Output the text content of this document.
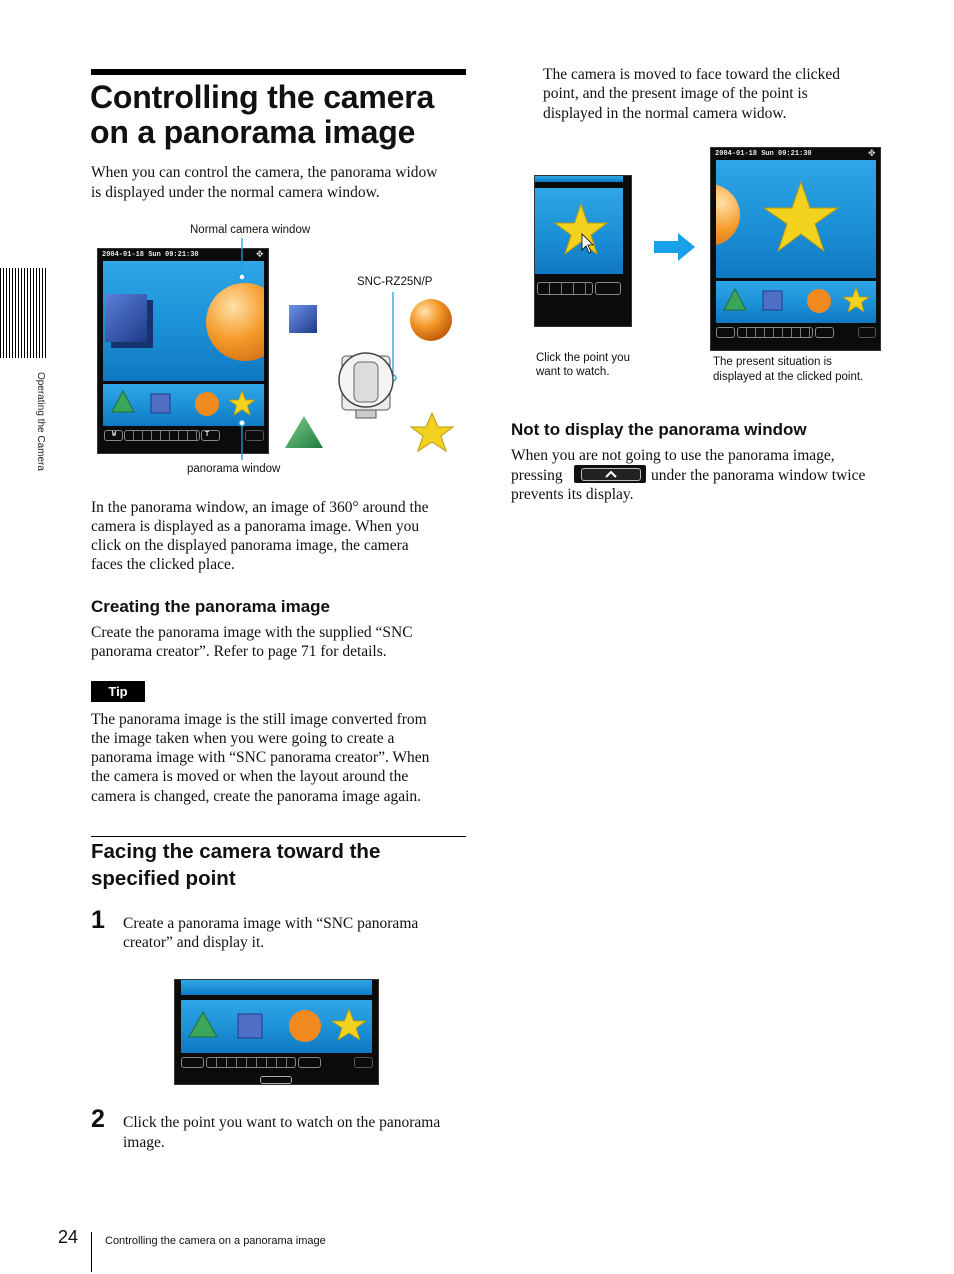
Operating the Camera
Controlling the camera
on a panorama image
When you can control the camera, the panorama widow
is displayed under the normal camera window.
Normal camera window
SNC-RZ25N/P
2004-01-18 Sun 09:21:30	✥
W	T
panorama window
In the panorama window, an image of 360° around the
camera is displayed as a panorama image. When you
click on the displayed panorama image, the camera
faces the clicked place.
Creating the panorama image
Create the panorama image with the supplied “SNC
panorama creator”. Refer to page 71 for details.
Tip
The panorama image is the still image converted from
the image taken when you were going to create a
panorama image with “SNC panorama creator”. When
the camera is moved or when the layout around the
camera is changed, create the panorama image again.
Facing the camera toward the
specified point
1 Create a panorama image with “SNC panorama
creator” and display it.
2 Click the point you want to watch on the panorama
image.
The camera is moved to face toward the clicked
point, and the present image of the point is
displayed in the normal camera widow.
2004-01-18 Sun 09:21:30	✥
Click the point you
want to watch.
The present situation is
displayed at the clicked point.
Not to display the panorama window
When you are not going to use the panorama image,
pressing	under the panorama window twice
prevents its display.
24 Controlling the camera on a panorama image
